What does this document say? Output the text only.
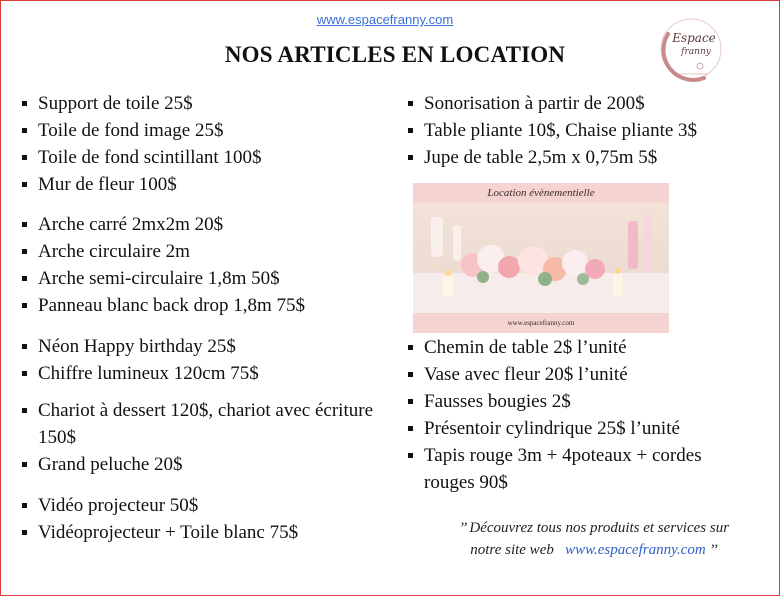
www.espacefranny.com
NOS ARTICLES EN LOCATION
Espace
franny
Support de toile 25$
Toile de fond image 25$
Toile de fond scintillant 100$
Mur de fleur 100$
Arche carré 2mx2m 20$
Arche circulaire 2m
Arche semi-circulaire 1,8m 50$
Panneau blanc back drop 1,8m 75$
Néon Happy birthday 25$
Chiffre lumineux 120cm 75$
Chariot à dessert 120$, chariot avec écriture 150$
Grand peluche 20$
Vidéo projecteur 50$
Vidéoprojecteur + Toile blanc 75$
Sonorisation à partir de 200$
Table pliante 10$, Chaise pliante 3$
Jupe de table 2,5m x 0,75m 5$
Location évènementielle
www.espacefranny.com
Chemin de table 2$ l’unité
Vase avec fleur 20$ l’unité
Fausses bougies 2$
Présentoir cylindrique 25$ l’unité
Tapis rouge 3m + 4poteaux + cordes rouges 90$
’’ Découvrez tous nos produits et services sur
notre site web www.espacefranny.com ’’
